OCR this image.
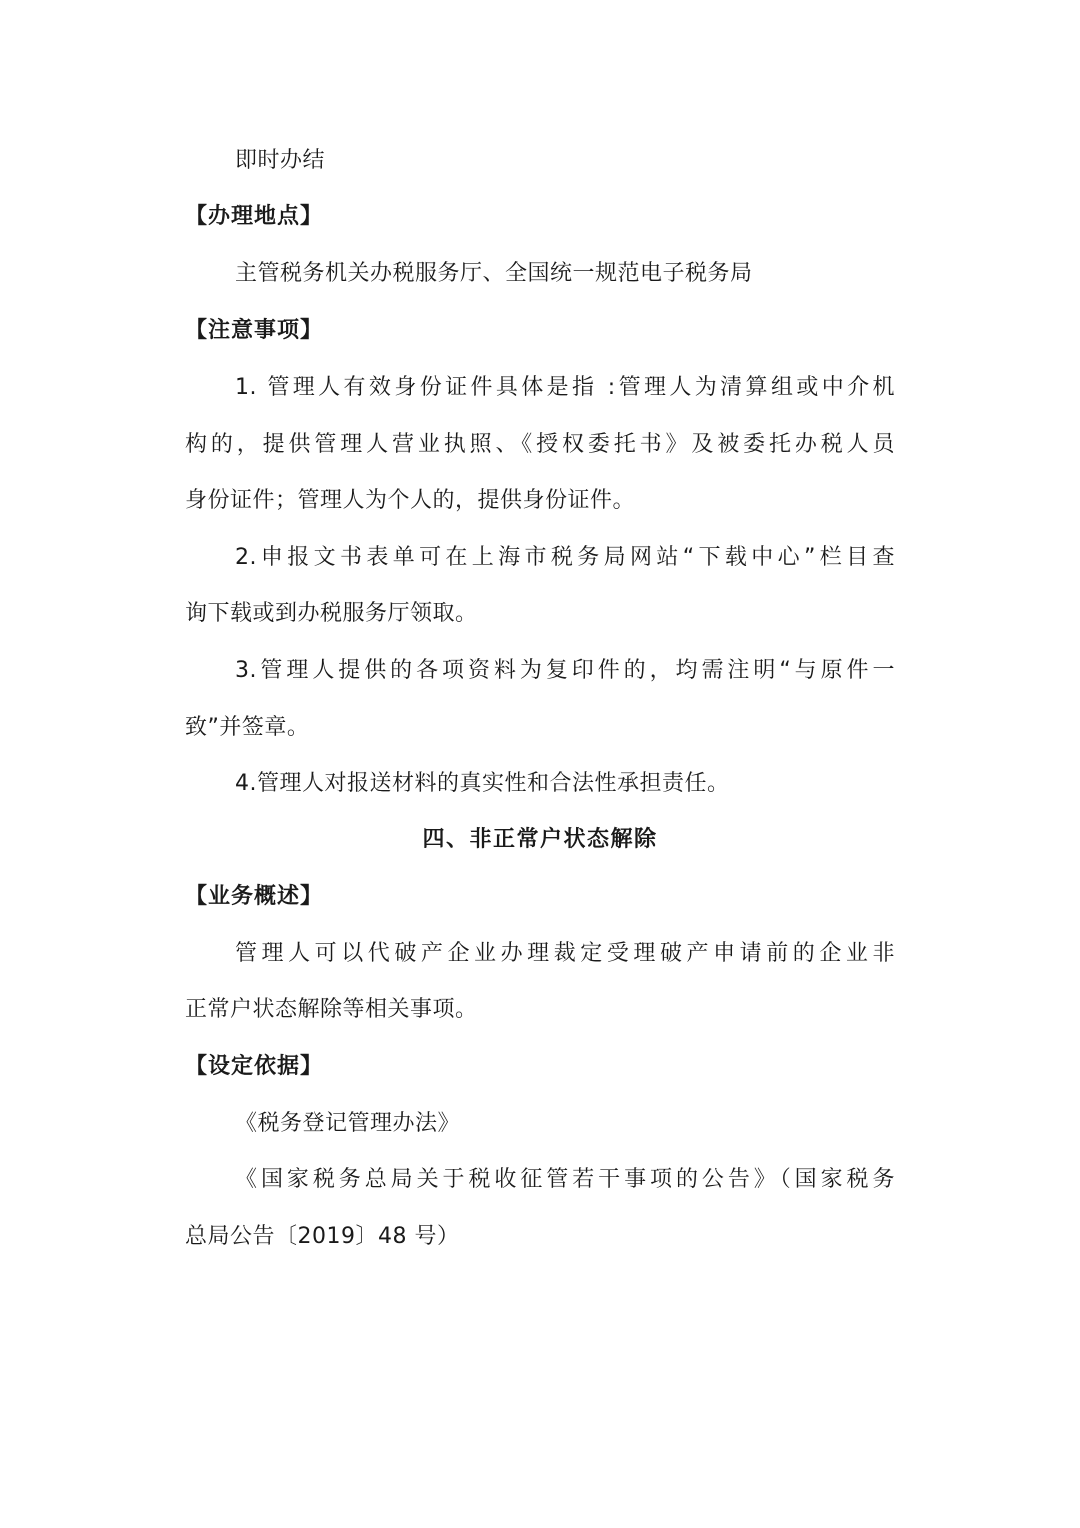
即时办结

【办理地点】

主管税务机关办税服务厅、全国统一规范电子税务局

【注意事项】

1. 管理人有效身份证件具体是指 :管理人为清算组或中介机

构的，提供管理人营业执照、《授权委托书》及被委托办税人员

身份证件；管理人为个人的，提供身份证件。

2.申报文书表单可在上海市税务局网站“下载中心”栏目查

询下载或到办税服务厅领取。

3.管理人提供的各项资料为复印件的，均需注明“与原件一

致”并签章。

4.管理人对报送材料的真实性和合法性承担责任。

四、非正常户状态解除

【业务概述】

管理人可以代破产企业办理裁定受理破产申请前的企业非

正常户状态解除等相关事项。

【设定依据】

《税务登记管理办法》

《国家税务总局关于税收征管若干事项的公告》（国家税务

总局公告〔2019〕48 号）
